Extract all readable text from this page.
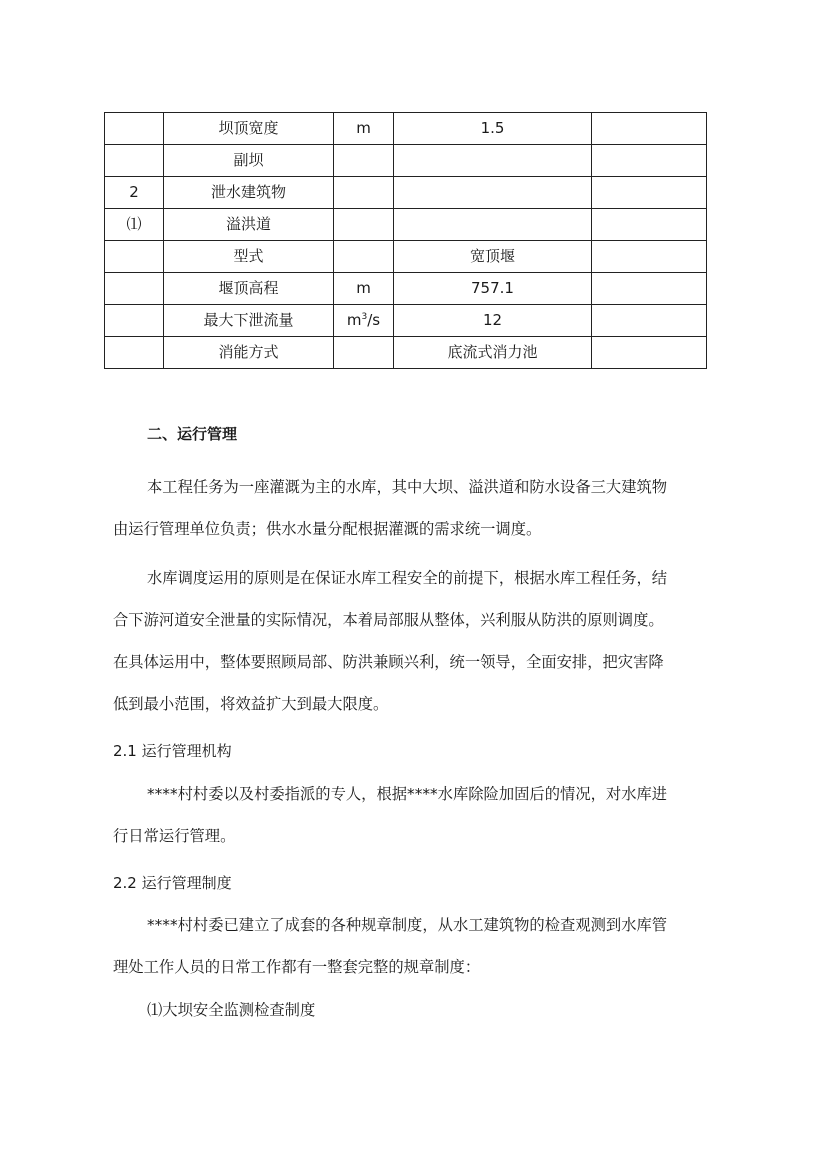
	坝顶宽度	m	1.5	
	副坝			
2	泄水建筑物			
⑴	溢洪道			
	型式		宽顶堰	
	堰顶高程	m	757.1	
	最大下泄流量	$m^3/s$	12	
	消能方式		底流式消力池	
二、运行管理
本工程任务为一座灌溉为主的水库，其中大坝、溢洪道和防水设备三大建筑物
由运行管理单位负责；供水水量分配根据灌溉的需求统一调度。
水库调度运用的原则是在保证水库工程安全的前提下，根据水库工程任务，结
合下游河道安全泄量的实际情况，本着局部服从整体，兴利服从防洪的原则调度。
在具体运用中，整体要照顾局部、防洪兼顾兴利，统一领导，全面安排，把灾害降
低到最小范围，将效益扩大到最大限度。
2.1 运行管理机构
****村村委以及村委指派的专人，根据****水库除险加固后的情况，对水库进
行日常运行管理。
2.2 运行管理制度
****村村委已建立了成套的各种规章制度，从水工建筑物的检查观测到水库管
理处工作人员的日常工作都有一整套完整的规章制度：
⑴大坝安全监测检查制度
